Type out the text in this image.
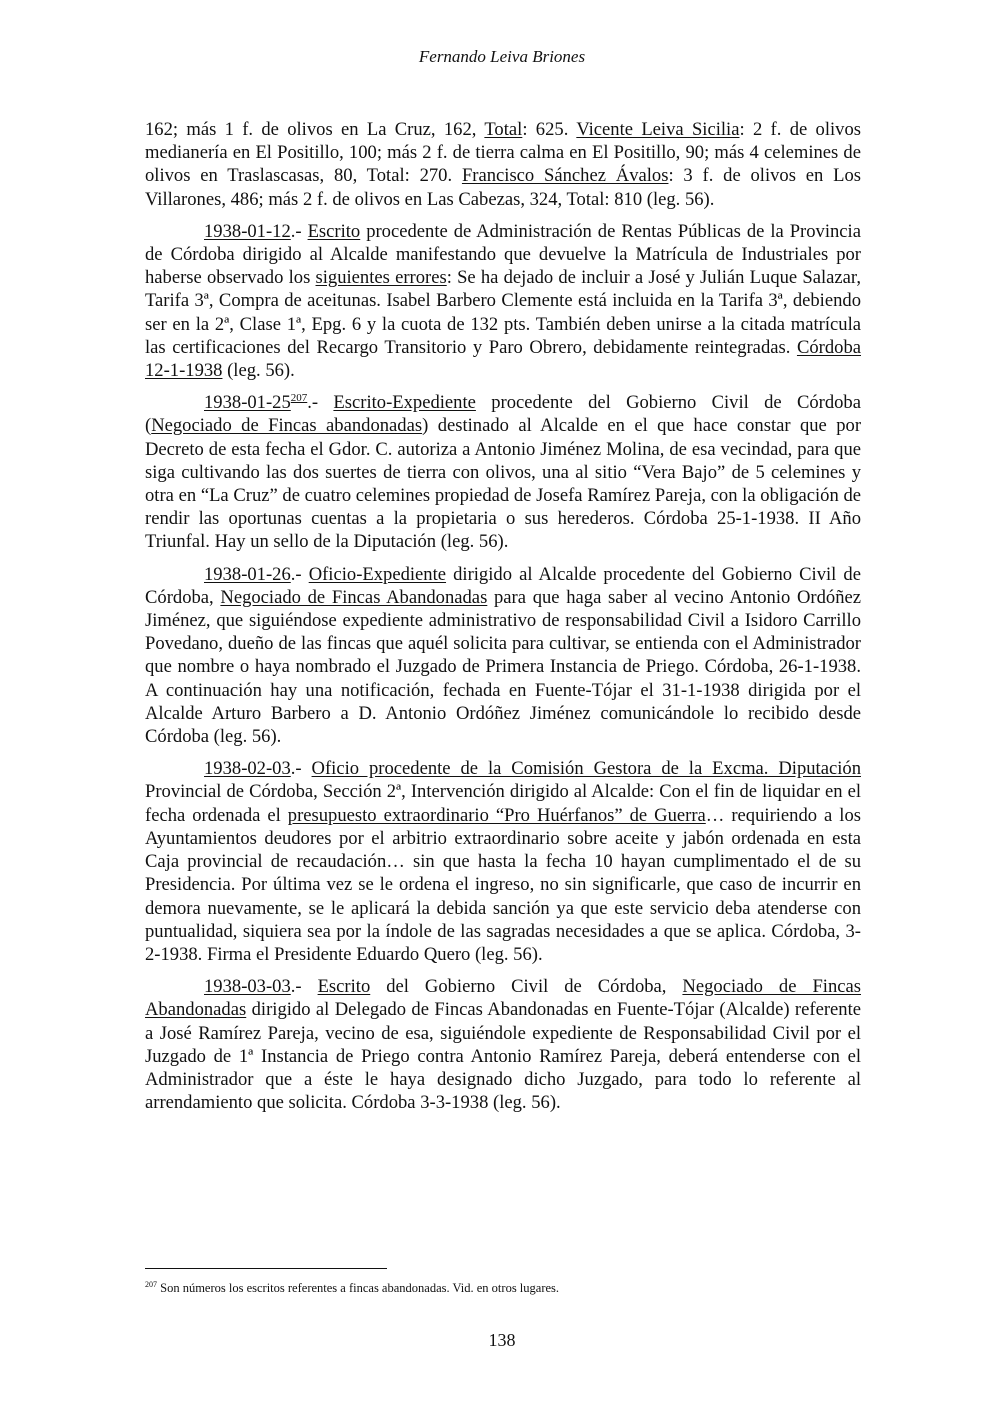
Fernando Leiva Briones

162; más 1 f. de olivos en La Cruz, 162, Total: 625. Vicente Leiva Sicilia: 2 f. de olivos medianería en El Positillo, 100; más 2 f. de tierra calma en El Positillo, 90; más 4 celemines de olivos en Traslascasas, 80, Total: 270. Francisco Sánchez Ávalos: 3 f. de olivos en Los Villarones, 486; más 2 f. de olivos en Las Cabezas, 324, Total: 810 (leg. 56).

1938-01-12.- Escrito procedente de Administración de Rentas Públicas de la Provincia de Córdoba dirigido al Alcalde manifestando que devuelve la Matrícula de Industriales por haberse observado los siguientes errores: Se ha dejado de incluir a José y Julián Luque Salazar, Tarifa 3ª, Compra de aceitunas. Isabel Barbero Clemente está incluida en la Tarifa 3ª, debiendo ser en la 2ª, Clase 1ª, Epg. 6 y la cuota de 132 pts. También deben unirse a la citada matrícula las certificaciones del Recargo Transitorio y Paro Obrero, debidamente reintegradas. Córdoba 12-1-1938 (leg. 56).

$1938-01-25^{207}.-$ Escrito-Expediente procedente del Gobierno Civil de Córdoba (Negociado de Fincas abandonadas) destinado al Alcalde en el que hace constar que por Decreto de esta fecha el Gdor. C. autoriza a Antonio Jiménez Molina, de esa vecindad, para que siga cultivando las dos suertes de tierra con olivos, una al sitio “Vera Bajo” de 5 celemines y otra en “La Cruz” de cuatro celemines propiedad de Josefa Ramírez Pareja, con la obligación de rendir las oportunas cuentas a la propietaria o sus herederos. Córdoba 25-1-1938. II Año Triunfal. Hay un sello de la Diputación (leg. 56).

1938-01-26.- Oficio-Expediente dirigido al Alcalde procedente del Gobierno Civil de Córdoba, Negociado de Fincas Abandonadas para que haga saber al vecino Antonio Ordóñez Jiménez, que siguiéndose expediente administrativo de responsabilidad Civil a Isidoro Carrillo Povedano, dueño de las fincas que aquél solicita para cultivar, se entienda con el Administrador que nombre o haya nombrado el Juzgado de Primera Instancia de Priego. Córdoba, 26-1-1938. A continuación hay una notificación, fechada en Fuente-Tójar el 31-1-1938 dirigida por el Alcalde Arturo Barbero a D. Antonio Ordóñez Jiménez comunicándole lo recibido desde Córdoba (leg. 56).

1938-02-03.- Oficio procedente de la Comisión Gestora de la Excma. Diputación Provincial de Córdoba, Sección 2ª, Intervención dirigido al Alcalde: Con el fin de liquidar en el fecha ordenada el presupuesto extraordinario “Pro Huérfanos” de Guerra… requiriendo a los Ayuntamientos deudores por el arbitrio extraordinario sobre aceite y jabón ordenada en esta Caja provincial de recaudación… sin que hasta la fecha 10 hayan cumplimentado el de su Presidencia. Por última vez se le ordena el ingreso, no sin significarle, que caso de incurrir en demora nuevamente, se le aplicará la debida sanción ya que este servicio deba atenderse con puntualidad, siquiera sea por la índole de las sagradas necesidades a que se aplica. Córdoba, 3-2-1938. Firma el Presidente Eduardo Quero (leg. 56).

1938-03-03.- Escrito del Gobierno Civil de Córdoba, Negociado de Fincas Abandonadas dirigido al Delegado de Fincas Abandonadas en Fuente-Tójar (Alcalde) referente a José Ramírez Pareja, vecino de esa, siguiéndole expediente de Responsabilidad Civil por el Juzgado de 1ª Instancia de Priego contra Antonio Ramírez Pareja, deberá entenderse con el Administrador que a éste le haya designado dicho Juzgado, para todo lo referente al arrendamiento que solicita. Córdoba 3-3-1938 (leg. 56).

$^{207}$ Son números los escritos referentes a fincas abandonadas. Vid. en otros lugares.
138
